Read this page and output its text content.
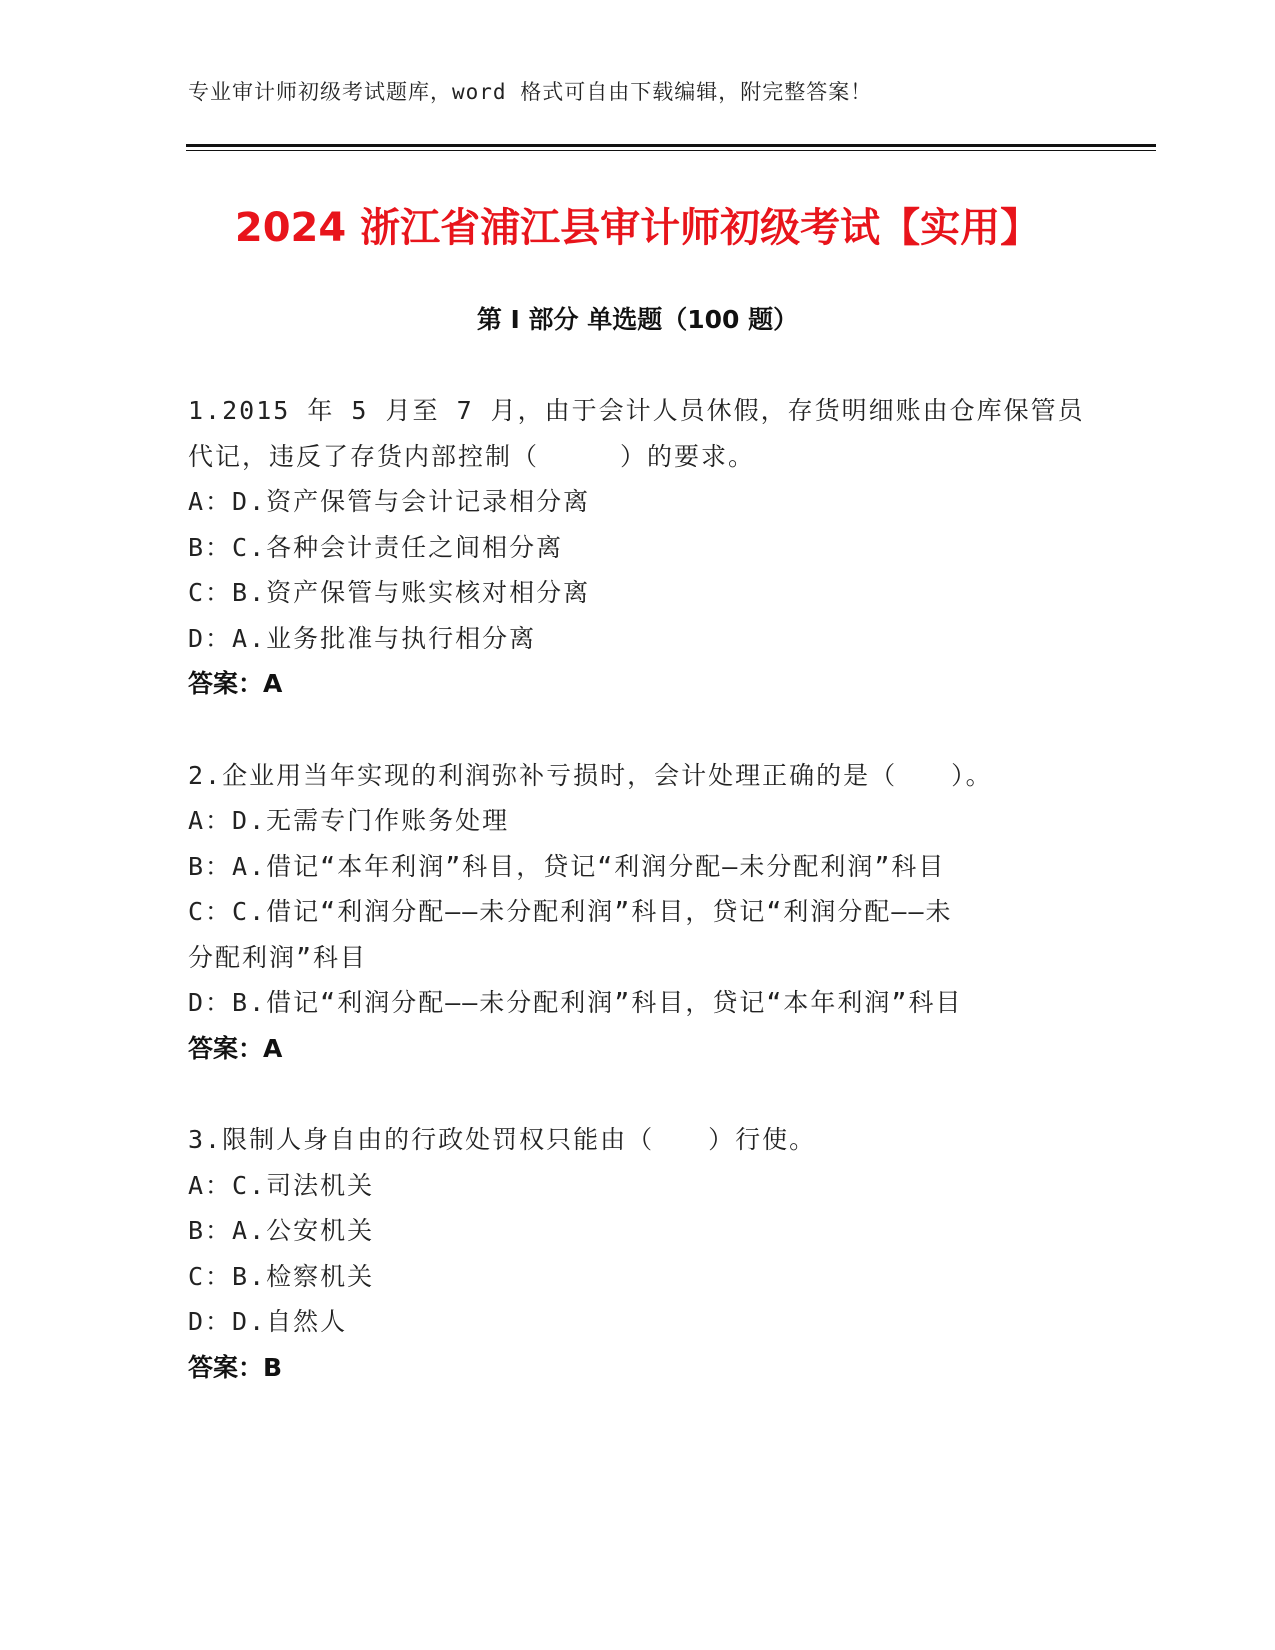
专业审计师初级考试题库，word 格式可自由下载编辑，附完整答案！
2024 浙江省浦江县审计师初级考试【实用】
第 I 部分 单选题（100 题）
1.2015 年 5 月至 7 月，由于会计人员休假，存货明细账由仓库保管员
代记，违反了存货内部控制（　　　）的要求。
A：D.资产保管与会计记录相分离
B：C.各种会计责任之间相分离
C：B.资产保管与账实核对相分离
D：A.业务批准与执行相分离
答案：A
2.企业用当年实现的利润弥补亏损时，会计处理正确的是（　　）。
A：D.无需专门作账务处理
B：A.借记“本年利润”科目，贷记“利润分配—未分配利润”科目
C：C.借记“利润分配——未分配利润”科目，贷记“利润分配——未
分配利润”科目
D：B.借记“利润分配——未分配利润”科目，贷记“本年利润”科目
答案：A
3.限制人身自由的行政处罚权只能由（　　）行使。
A：C.司法机关
B：A.公安机关
C：B.检察机关
D：D.自然人
答案：B
